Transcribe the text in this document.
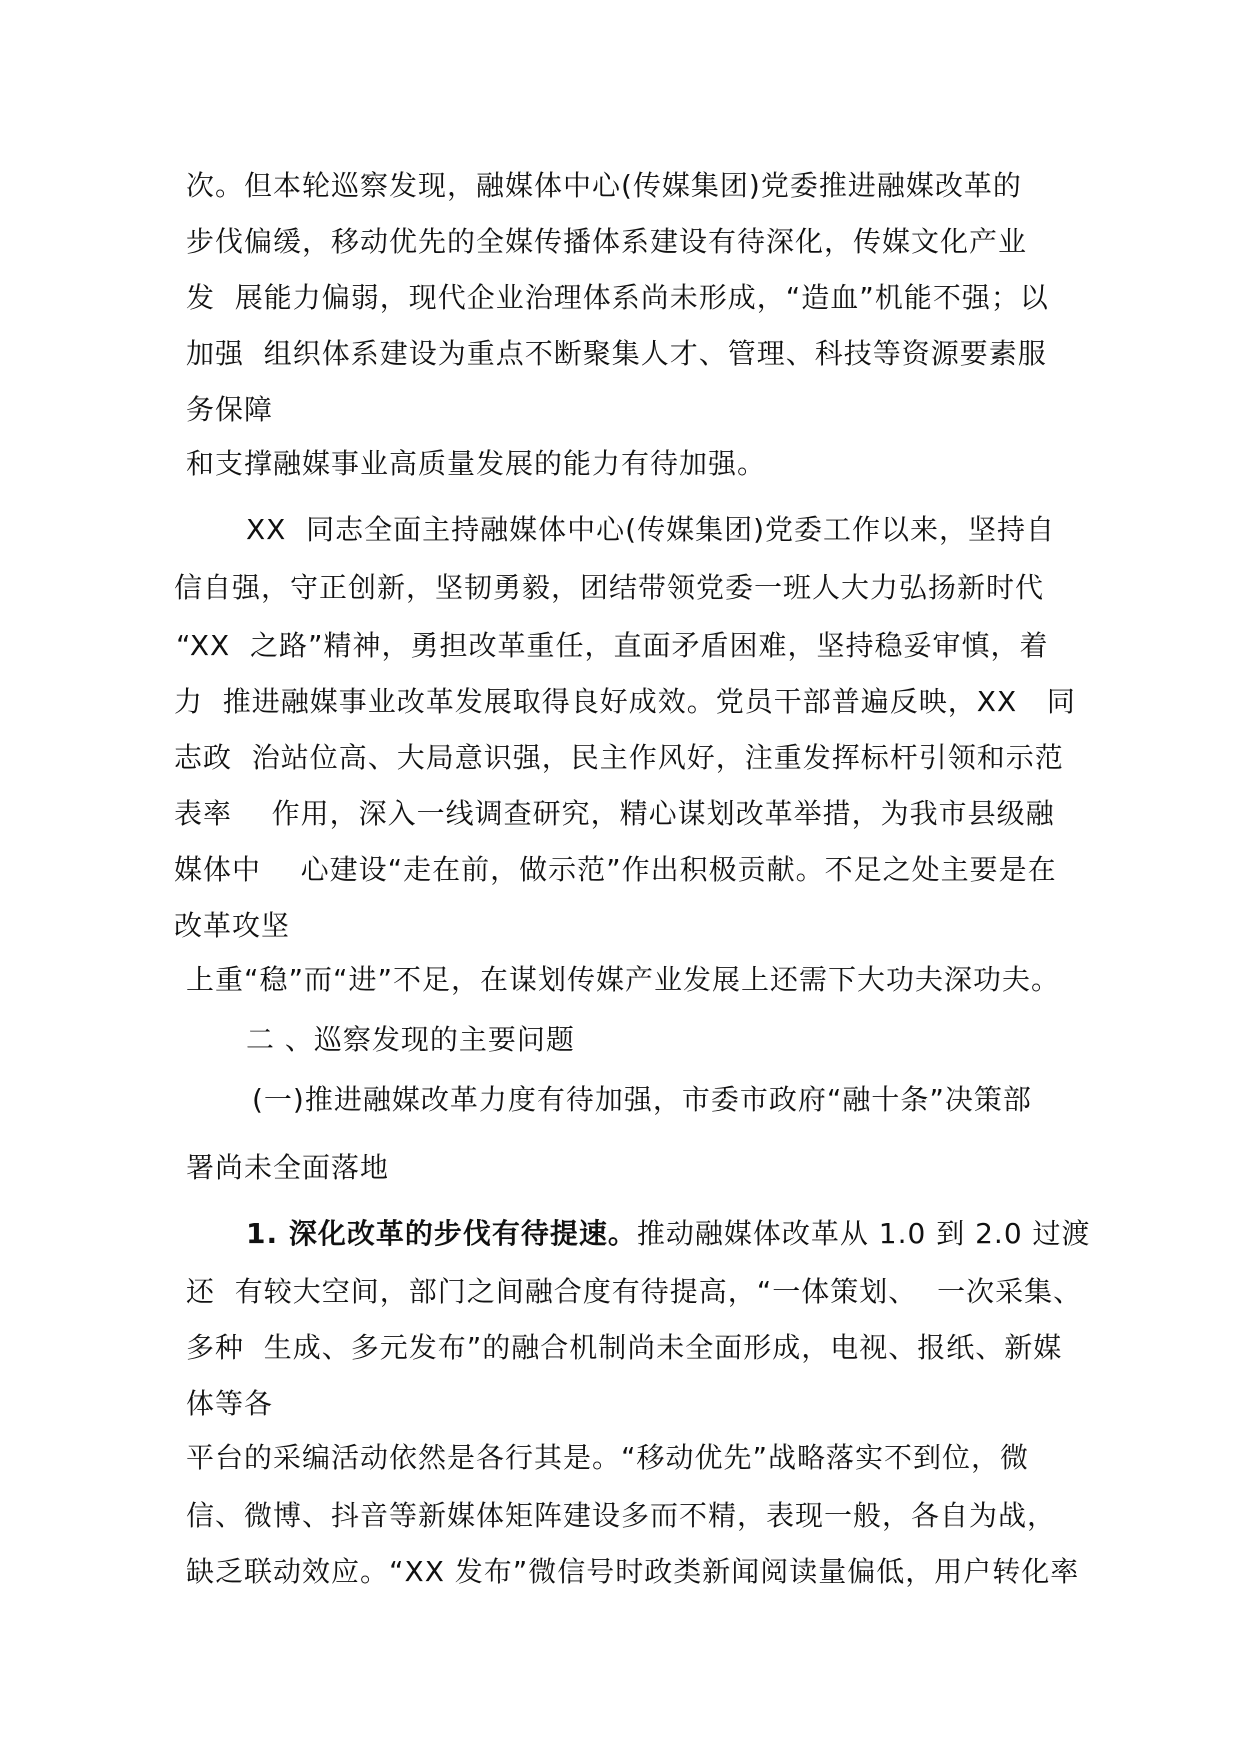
次。但本轮巡察发现，融媒体中心(传媒集团)党委推进融媒改革的
步伐偏缓，移动优先的全媒传播体系建设有待深化，传媒文化产业
发  展能力偏弱，现代企业治理体系尚未形成，“造血”机能不强；以
加强  组织体系建设为重点不断聚集人才、管理、科技等资源要素服
务保障
和支撑融媒事业高质量发展的能力有待加强。
XX  同志全面主持融媒体中心(传媒集团)党委工作以来，坚持自
信自强，守正创新，坚韧勇毅，团结带领党委一班人大力弘扬新时代
“XX  之路”精神，勇担改革重任，直面矛盾困难，坚持稳妥审慎，着
力  推进融媒事业改革发展取得良好成效。党员干部普遍反映，XX   同
志政  治站位高、大局意识强，民主作风好，注重发挥标杆引领和示范
表率    作用，深入一线调查研究，精心谋划改革举措，为我市县级融
媒体中    心建设“走在前，做示范”作出积极贡献。不足之处主要是在
改革攻坚
上重“稳”而“进”不足，在谋划传媒产业发展上还需下大功夫深功夫。
二 、巡察发现的主要问题
(一)推进融媒改革力度有待加强，市委市政府“融十条”决策部
署尚未全面落地
1. 深化改革的步伐有待提速。推动融媒体改革从 1.0 到 2.0 过渡
还  有较大空间，部门之间融合度有待提高，“一体策划、  一次采集、
多种  生成、多元发布”的融合机制尚未全面形成，电视、报纸、新媒
体等各
平台的采编活动依然是各行其是。“移动优先”战略落实不到位，微
信、微博、抖音等新媒体矩阵建设多而不精，表现一般，各自为战，
缺乏联动效应。“XX 发布”微信号时政类新闻阅读量偏低，用户转化率
